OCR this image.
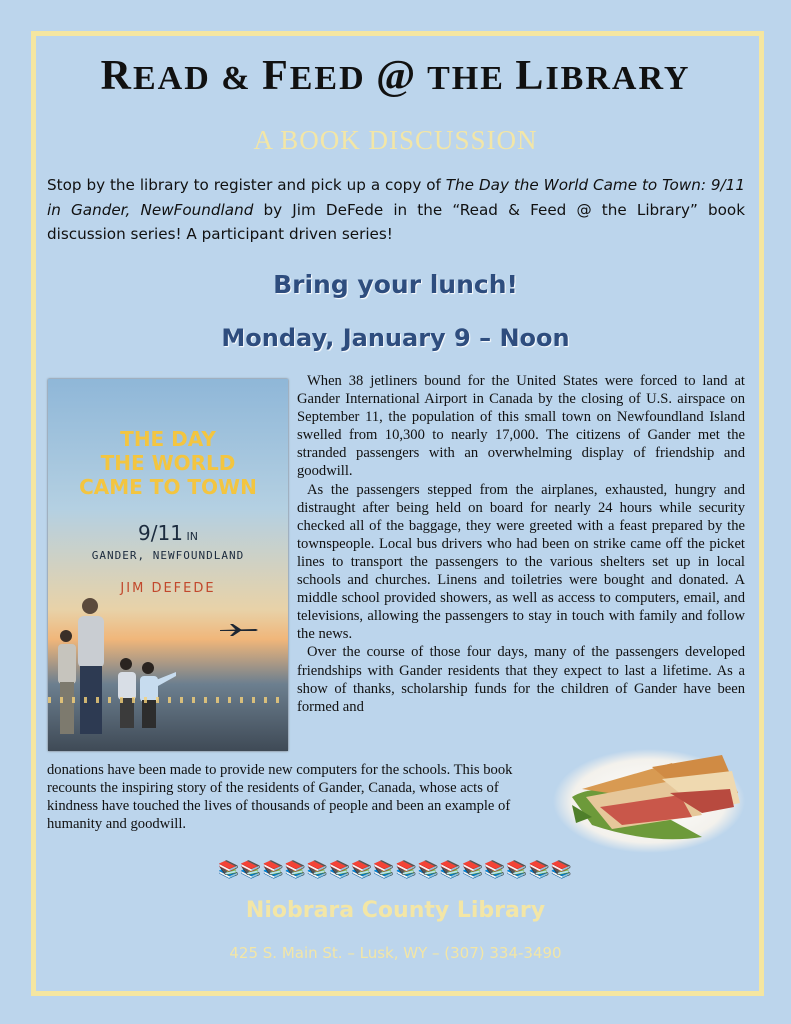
READ & FEED @ THE LIBRARY
A BOOK DISCUSSION
Stop by the library to register and pick up a copy of The Day the World Came to Town: 9/11 in Gander, NewFoundland by Jim DeFede in the “Read & Feed @ the Library” book discussion series! A participant driven series!
Bring your lunch!
Monday, January 9 – Noon
THE DAY
THE WORLD
CAME TO TOWN
9/11 IN
GANDER, NEWFOUNDLAND
JIM DEFEDE

When 38 jetliners bound for the United States were forced to land at Gander International Airport in Canada by the closing of U.S. airspace on September 11, the population of this small town on Newfoundland Island swelled from 10,300 to nearly 17,000. The citizens of Gander met the stranded passengers with an overwhelming display of friendship and goodwill.

As the passengers stepped from the airplanes, exhausted, hungry and distraught after being held on board for nearly 24 hours while security checked all of the baggage, they were greeted with a feast prepared by the townspeople. Local bus drivers who had been on strike came off the picket lines to transport the passengers to the various shelters set up in local schools and churches. Linens and toiletries were bought and donated. A middle school provided showers, as well as access to computers, email, and televisions, allowing the passengers to stay in touch with family and follow the news.

Over the course of those four days, many of the passengers developed friendships with Gander residents that they expect to last a lifetime. As a show of thanks, scholarship funds for the children of Gander have been formed and

donations have been made to provide new computers for the schools. This book recounts the inspiring story of the residents of Gander, Canada, whose acts of kindness have touched the lives of thousands of people and been an example of humanity and goodwill.
📚📚📚📚📚📚📚📚📚📚📚📚📚📚📚📚
Niobrara County Library
425 S. Main St. – Lusk, WY – (307) 334-3490
